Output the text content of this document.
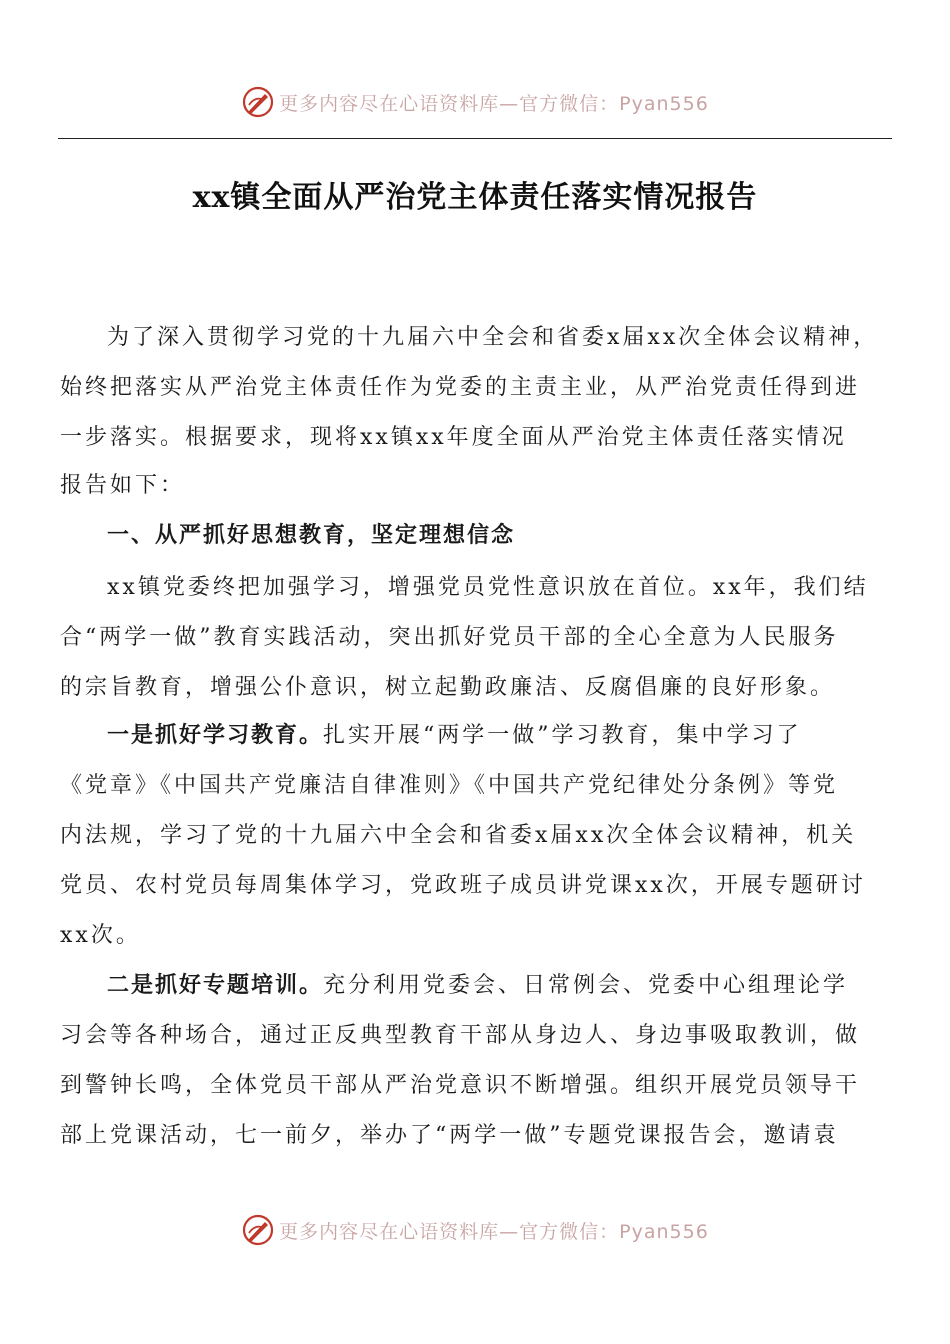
更多内容尽在心语资料库—官方微信：Pyan556
xx镇全面从严治党主体责任落实情况报告
为了深入贯彻学习党的十九届六中全会和省委x届xx次全体会议精神，
始终把落实从严治党主体责任作为党委的主责主业，从严治党责任得到进
一步落实。根据要求，现将xx镇xx年度全面从严治党主体责任落实情况
报告如下：
一、从严抓好思想教育，坚定理想信念
xx镇党委终把加强学习，增强党员党性意识放在首位。xx年，我们结
合“两学一做”教育实践活动，突出抓好党员干部的全心全意为人民服务
的宗旨教育，增强公仆意识，树立起勤政廉洁、反腐倡廉的良好形象。
一是抓好学习教育。扎实开展“两学一做”学习教育，集中学习了
《党章》《中国共产党廉洁自律准则》《中国共产党纪律处分条例》等党
内法规，学习了党的十九届六中全会和省委x届xx次全体会议精神，机关
党员、农村党员每周集体学习，党政班子成员讲党课xx次，开展专题研讨
xx次。
二是抓好专题培训。充分利用党委会、日常例会、党委中心组理论学
习会等各种场合，通过正反典型教育干部从身边人、身边事吸取教训，做
到警钟长鸣，全体党员干部从严治党意识不断增强。组织开展党员领导干
部上党课活动，七一前夕，举办了“两学一做”专题党课报告会，邀请袁
更多内容尽在心语资料库—官方微信：Pyan556
